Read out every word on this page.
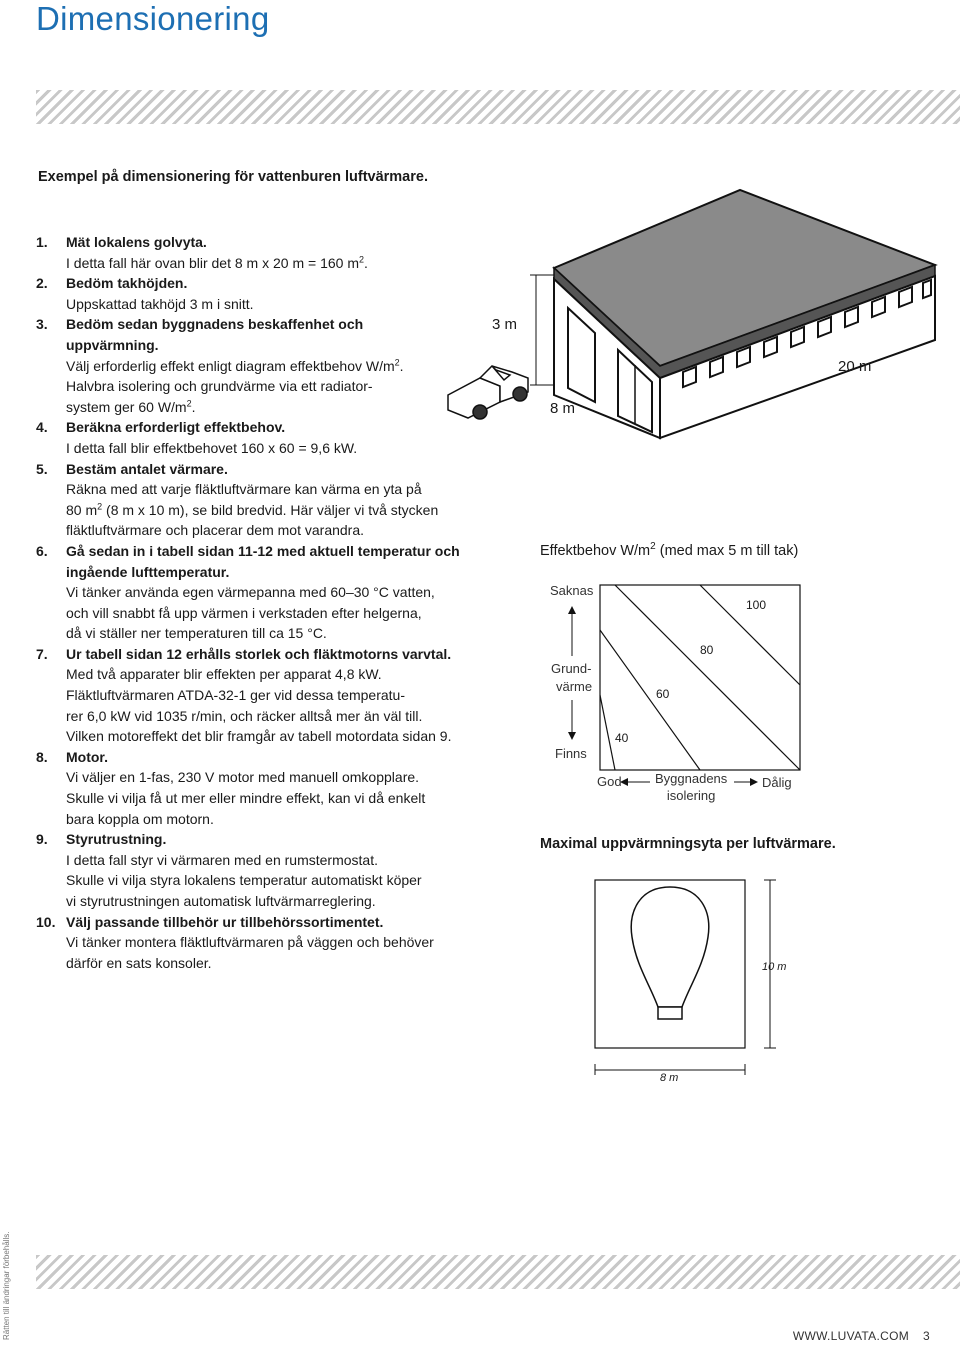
Dimensionering
Exempel på dimensionering för vattenburen luftvärmare.
1.	Mät lokalens golvyta.
I detta fall här ovan blir det 8 m x 20 m = 160 $m^2$.
2.	Bedöm takhöjden.
Uppskattad takhöjd 3 m i snitt.
3.	Bedöm sedan byggnadens beskaffenhet och uppvärmning.
Välj erforderlig effekt enligt diagram effektbehov $W/m^2$.
Halvbra isolering och grundvärme via ett radiator-
system ger 60 $W/m^2$.
4.	Beräkna erforderligt effektbehov.
I detta fall blir effektbehovet 160 x 60 = 9,6 kW.
5.	Bestäm antalet värmare.
Räkna med att varje fläktluftvärmare kan värma en yta på
80 $m^2$ (8 m x 10 m), se bild bredvid. Här väljer vi två stycken
fläktluftvärmare och placerar dem mot varandra.
6.	Gå sedan in i tabell sidan 11-12 med aktuell temperatur och ingående lufttemperatur.
Vi tänker använda egen värmepanna med 60–30 °C vatten,
och vill snabbt få upp värmen i verkstaden efter helgerna,
då vi ställer ner temperaturen till ca 15 °C.
7.	Ur tabell sidan 12 erhålls storlek och fläktmotorns varvtal.
Med två apparater blir effekten per apparat 4,8 kW.
Fläktluftvärmaren ATDA-32-1 ger vid dessa temperatu-
rer 6,0 kW vid 1035 r/min, och räcker alltså mer än väl till.
Vilken motoreffekt det blir framgår av tabell motordata sidan 9.
8.	Motor.
Vi väljer en 1-fas, 230 V motor med manuell omkopplare.
Skulle vi vilja få ut mer eller mindre effekt, kan vi då enkelt
bara koppla om motorn.
9.	Styrutrustning.
I detta fall styr vi värmaren med en rumstermostat.
Skulle vi vilja styra lokalens temperatur automatiskt köper
vi styrutrustningen automatisk luftvärmarreglering.
10. Välj passande tillbehör ur tillbehörssortimentet.
Vi tänker montera fläktluftvärmaren på väggen och behöver
därför en sats konsoler.
3 m
8 m
20 m
Effektbehov $W/m^2$ (med max 5 m till tak)
Saknas
Grund-
värme
Finns
God	Byggnadens
isolering
Dålig
40
60
80
100
Maximal uppvärmningsyta per luftvärmare.
10 m
8 m
Rätten till ändringar förbehålls.	WWW.LUVATA.COM 3
